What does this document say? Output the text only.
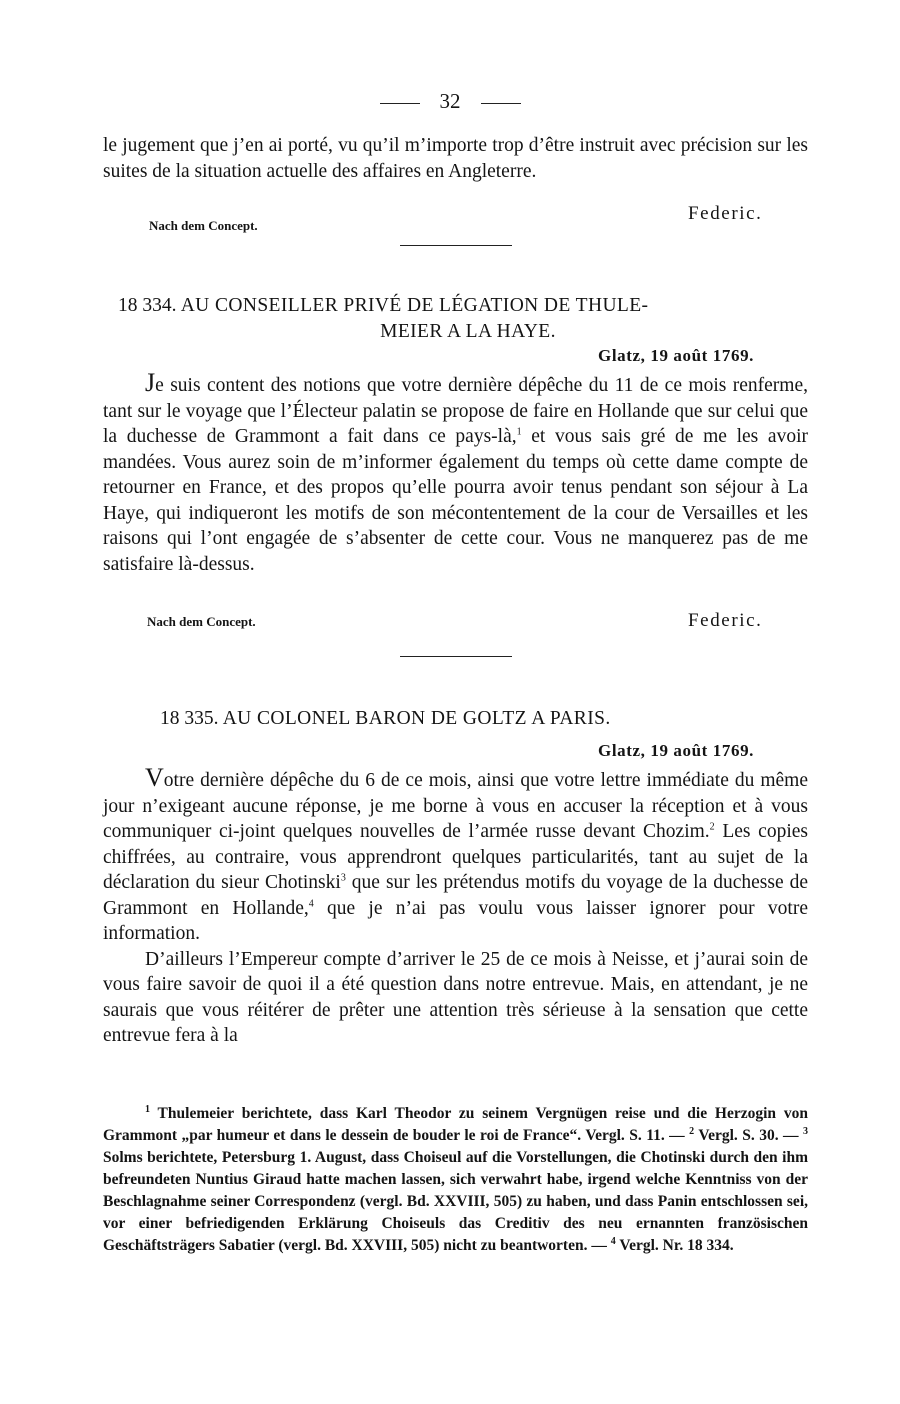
32

le jugement que j’en ai porté, vu qu’il m’importe trop d’être instruit avec précision sur les suites de la situation actuelle des affaires en Angleterre.

Nach dem Concept.
Federic.
18 334. AU CONSEILLER PRIVÉ DE LÉGATION DE THULE-
MEIER A LA HAYE.
Glatz, 19 août 1769.

Je suis content des notions que votre dernière dépêche du 11 de ce mois renferme, tant sur le voyage que l’Électeur palatin se propose de faire en Hollande que sur celui que la duchesse de Grammont a fait dans ce pays-là,$^1$ et vous sais gré de me les avoir mandées. Vous aurez soin de m’informer également du temps où cette dame compte de retourner en France, et des propos qu’elle pourra avoir tenus pendant son séjour à La Haye, qui indiqueront les motifs de son mécontentement de la cour de Versailles et les raisons qui l’ont engagée de s’absenter de cette cour. Vous ne manquerez pas de me satisfaire là-dessus.

Nach dem Concept.	Federic.
18 335. AU COLONEL BARON DE GOLTZ A PARIS.
Glatz, 19 août 1769.

Votre dernière dépêche du 6 de ce mois, ainsi que votre lettre immédiate du même jour n’exigeant aucune réponse, je me borne à vous en accuser la réception et à vous communiquer ci-joint quelques nouvelles de l’armée russe devant Chozim.$^2$ Les copies chiffrées, au contraire, vous apprendront quelques particularités, tant au sujet de la déclaration du sieur Chotinski$^3$ que sur les prétendus motifs du voyage de la duchesse de Grammont en Hollande,$^4$ que je n’ai pas voulu vous laisser ignorer pour votre information.

D’ailleurs l’Empereur compte d’arriver le 25 de ce mois à Neisse, et j’aurai soin de vous faire savoir de quoi il a été question dans notre entrevue. Mais, en attendant, je ne saurais que vous réitérer de prêter une attention très sérieuse à la sensation que cette entrevue fera à la

$^1$ Thulemeier berichtete, dass Karl Theodor zu seinem Vergnügen reise und die Herzogin von Grammont „par humeur et dans le dessein de bouder le roi de France“. Vergl. S. 11. — $^2$ Vergl. S. 30. — $^3$ Solms berichtete, Petersburg 1. August, dass Choiseul auf die Vorstellungen, die Chotinski durch den ihm befreundeten Nuntius Giraud hatte machen lassen, sich verwahrt habe, irgend welche Kenntniss von der Beschlagnahme seiner Correspondenz (vergl. Bd. XXVIII, 505) zu haben, und dass Panin entschlossen sei, vor einer befriedigenden Erklärung Choiseuls das Creditiv des neu ernannten französischen Geschäftsträgers Sabatier (vergl. Bd. XXVIII, 505) nicht zu beantworten. — $^4$ Vergl. Nr. 18 334.
